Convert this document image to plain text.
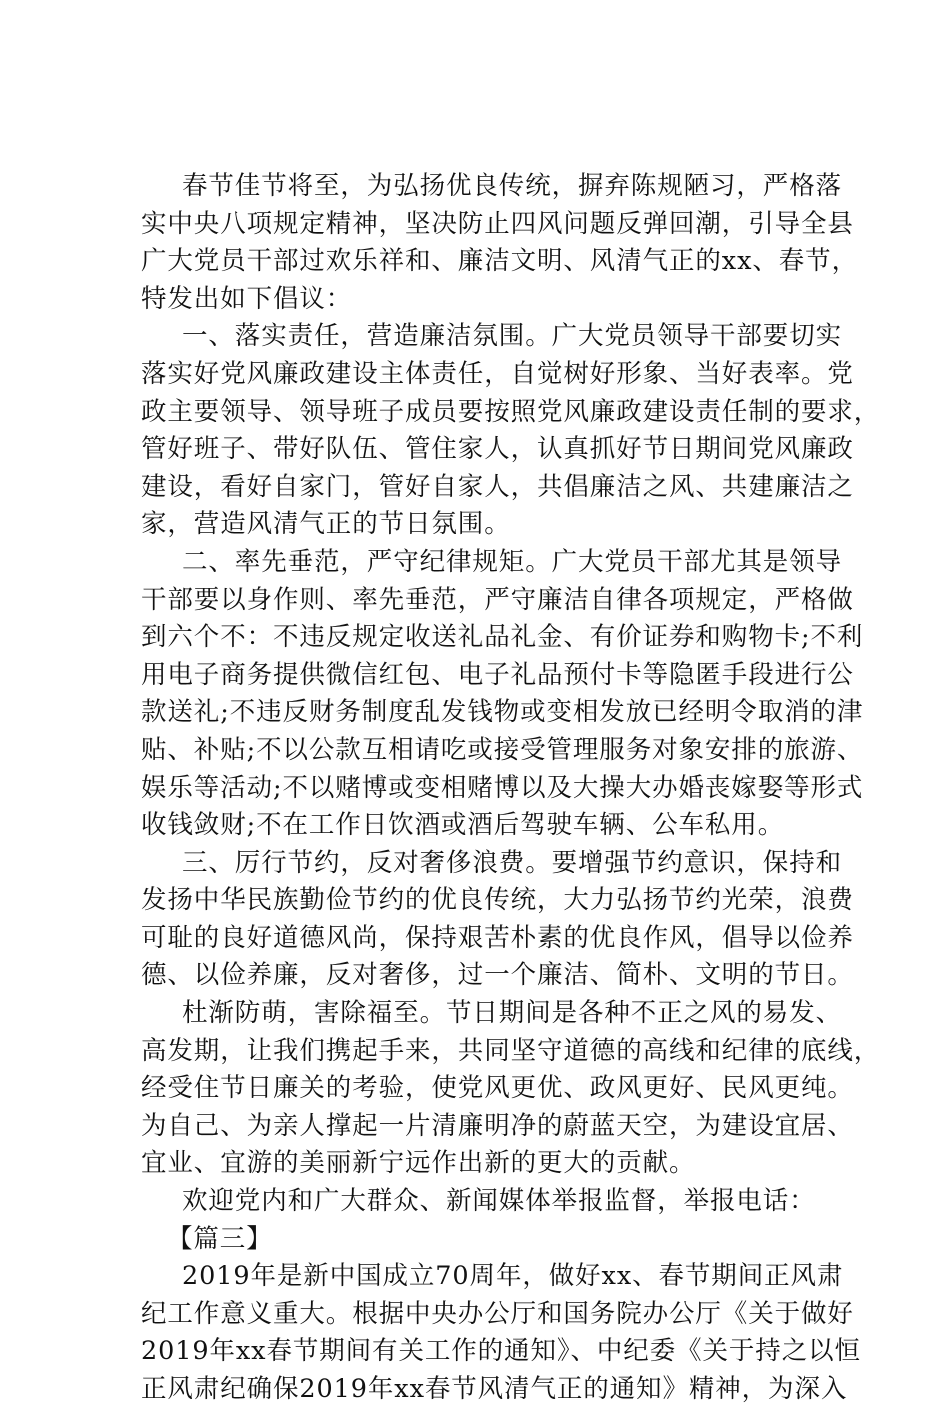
春节佳节将至，为弘扬优良传统，摒弃陈规陋习，严格落
实中央八项规定精神，坚决防止四风问题反弹回潮，引导全县
广大党员干部过欢乐祥和、廉洁文明、风清气正的xx、春节，
特发出如下倡议：
一、落实责任，营造廉洁氛围。广大党员领导干部要切实
落实好党风廉政建设主体责任，自觉树好形象、当好表率。党
政主要领导、领导班子成员要按照党风廉政建设责任制的要求，
管好班子、带好队伍、管住家人，认真抓好节日期间党风廉政
建设，看好自家门，管好自家人，共倡廉洁之风、共建廉洁之
家，营造风清气正的节日氛围。
二、率先垂范，严守纪律规矩。广大党员干部尤其是领导
干部要以身作则、率先垂范，严守廉洁自律各项规定，严格做
到六个不：不违反规定收送礼品礼金、有价证券和购物卡;不利
用电子商务提供微信红包、电子礼品预付卡等隐匿手段进行公
款送礼;不违反财务制度乱发钱物或变相发放已经明令取消的津
贴、补贴;不以公款互相请吃或接受管理服务对象安排的旅游、
娱乐等活动;不以赌博或变相赌博以及大操大办婚丧嫁娶等形式
收钱敛财;不在工作日饮酒或酒后驾驶车辆、公车私用。
三、厉行节约，反对奢侈浪费。要增强节约意识，保持和
发扬中华民族勤俭节约的优良传统，大力弘扬节约光荣，浪费
可耻的良好道德风尚，保持艰苦朴素的优良作风，倡导以俭养
德、以俭养廉，反对奢侈，过一个廉洁、简朴、文明的节日。
杜渐防萌，害除福至。节日期间是各种不正之风的易发、
高发期，让我们携起手来，共同坚守道德的高线和纪律的底线，
经受住节日廉关的考验，使党风更优、政风更好、民风更纯。
为自己、为亲人撑起一片清廉明净的蔚蓝天空，为建设宜居、
宜业、宜游的美丽新宁远作出新的更大的贡献。
欢迎党内和广大群众、新闻媒体举报监督，举报电话：
【篇三】
2019年是新中国成立70周年，做好xx、春节期间正风肃
纪工作意义重大。根据中央办公厅和国务院办公厅《关于做好
2019年xx春节期间有关工作的通知》、中纪委《关于持之以恒
正风肃纪确保2019年xx春节风清气正的通知》精神，为深入
